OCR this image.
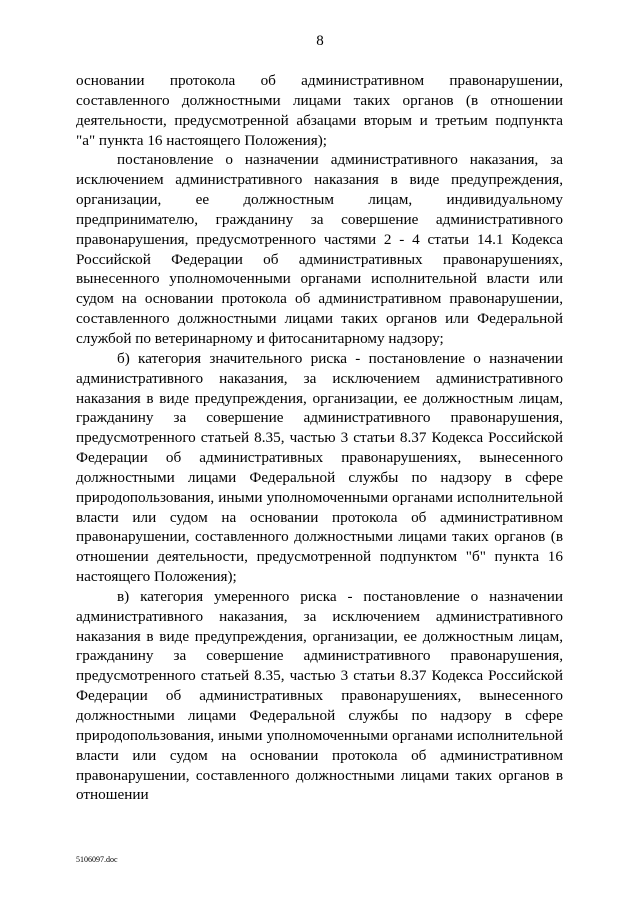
8

основании протокола об административном правонарушении, составленного должностными лицами таких органов (в отношении деятельности, предусмотренной абзацами вторым и третьим подпункта "а" пункта 16 настоящего Положения);

постановление о назначении административного наказания, за исключением административного наказания в виде предупреждения, организации, ее должностным лицам, индивидуальному предпринимателю, гражданину за совершение административного правонарушения, предусмотренного частями 2 - 4 статьи 14.1 Кодекса Российской Федерации об административных правонарушениях, вынесенного уполномоченными органами исполнительной власти или судом на основании протокола об административном правонарушении, составленного должностными лицами таких органов или Федеральной службой по ветеринарному и фитосанитарному надзору;

б) категория значительного риска - постановление о назначении административного наказания, за исключением административного наказания в виде предупреждения, организации, ее должностным лицам, гражданину за совершение административного правонарушения, предусмотренного статьей 8.35, частью 3 статьи 8.37 Кодекса Российской Федерации об административных правонарушениях, вынесенного должностными лицами Федеральной службы по надзору в сфере природопользования, иными уполномоченными органами исполнительной власти или судом на основании протокола об административном правонарушении, составленного должностными лицами таких органов (в отношении деятельности, предусмотренной подпунктом "б" пункта 16 настоящего Положения);

в) категория умеренного риска - постановление о назначении административного наказания, за исключением административного наказания в виде предупреждения, организации, ее должностным лицам, гражданину за совершение административного правонарушения, предусмотренного статьей 8.35, частью 3 статьи 8.37 Кодекса Российской Федерации об административных правонарушениях, вынесенного должностными лицами Федеральной службы по надзору в сфере природопользования, иными уполномоченными органами исполнительной власти или судом на основании протокола об административном правонарушении, составленного должностными лицами таких органов в отношении

5106097.doc
